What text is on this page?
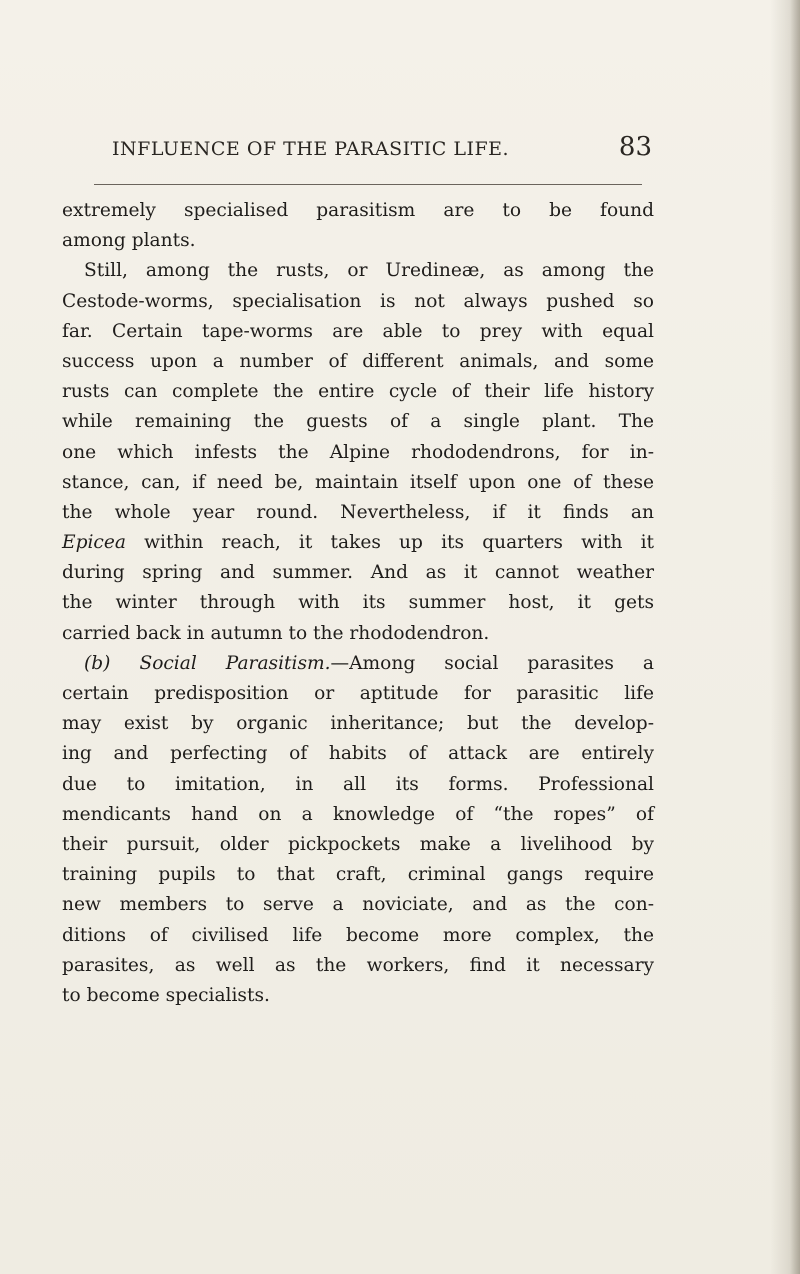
INFLUENCE OF THE PARASITIC LIFE.	83
extremely specialised parasitism are to be found
among plants.
Still, among the rusts, or Uredineæ, as among the
Cestode-worms, specialisation is not always pushed so
far. Certain tape-worms are able to prey with equal
success upon a number of different animals, and some
rusts can complete the entire cycle of their life history
while remaining the guests of a single plant. The
one which infests the Alpine rhododendrons, for in-
stance, can, if need be, maintain itself upon one of these
the whole year round. Nevertheless, if it finds an
Epicea within reach, it takes up its quarters with it
during spring and summer. And as it cannot weather
the winter through with its summer host, it gets
carried back in autumn to the rhododendron.
(b) Social Parasitism.—Among social parasites a
certain predisposition or aptitude for parasitic life
may exist by organic inheritance; but the develop-
ing and perfecting of habits of attack are entirely
due to imitation, in all its forms. Professional
mendicants hand on a knowledge of “the ropes” of
their pursuit, older pickpockets make a livelihood by
training pupils to that craft, criminal gangs require
new members to serve a noviciate, and as the con-
ditions of civilised life become more complex, the
parasites, as well as the workers, find it necessary
to become specialists.
